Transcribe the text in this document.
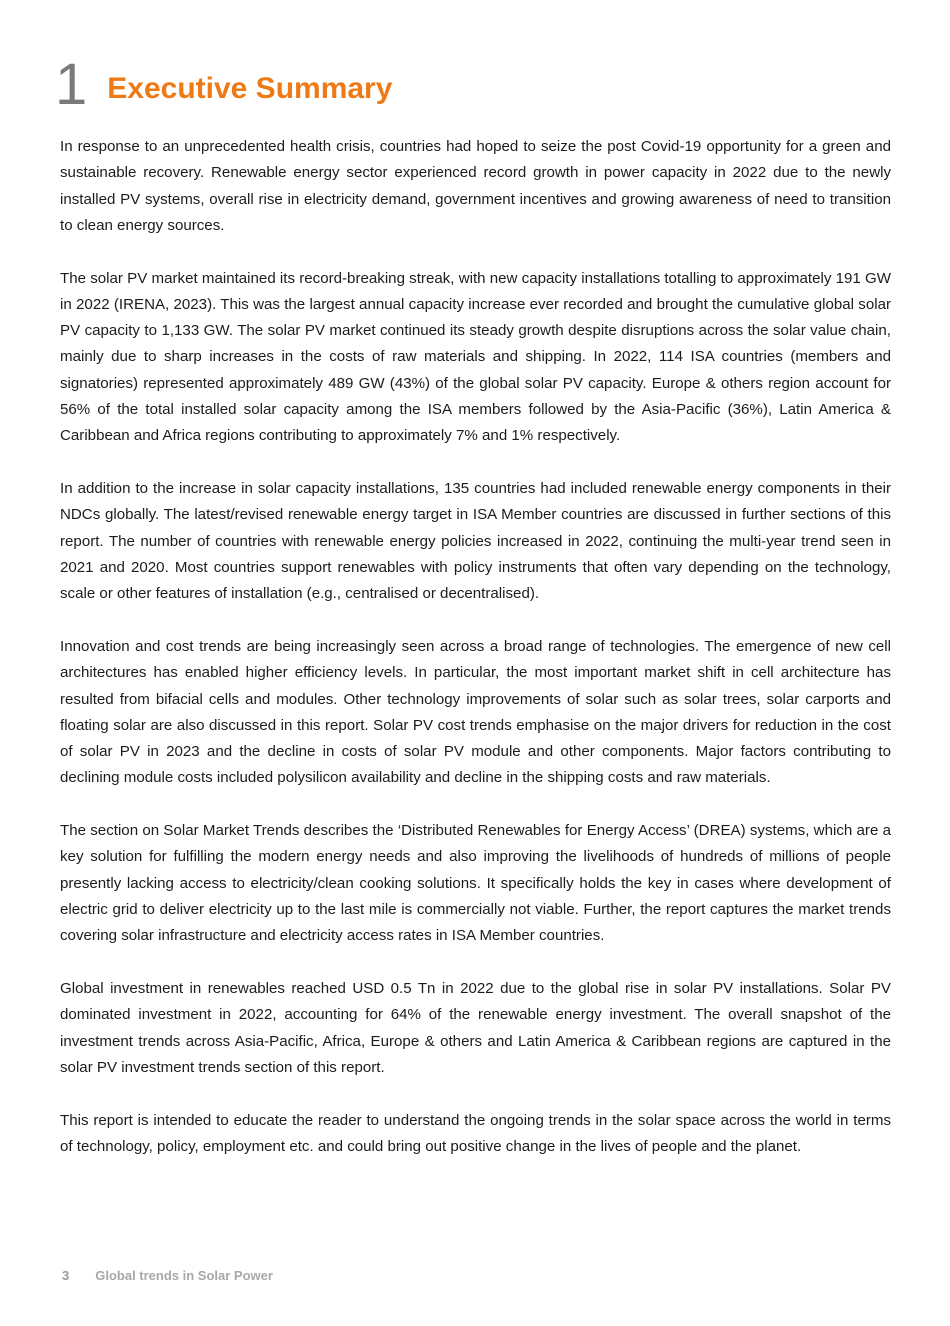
1 Executive Summary

In response to an unprecedented health crisis, countries had hoped to seize the post Covid-19 opportunity for a green and sustainable recovery. Renewable energy sector experienced record growth in power capacity in 2022 due to the newly installed PV systems, overall rise in electricity demand, government incentives and growing awareness of need to transition to clean energy sources.

The solar PV market maintained its record-breaking streak, with new capacity installations totalling to approximately 191 GW in 2022 (IRENA, 2023). This was the largest annual capacity increase ever recorded and brought the cumulative global solar PV capacity to 1,133 GW. The solar PV market continued its steady growth despite disruptions across the solar value chain, mainly due to sharp increases in the costs of raw materials and shipping. In 2022, 114 ISA countries (members and signatories) represented approximately 489 GW (43%) of the global solar PV capacity. Europe & others region account for 56% of the total installed solar capacity among the ISA members followed by the Asia-Pacific (36%), Latin America & Caribbean and Africa regions contributing to approximately 7% and 1% respectively.

In addition to the increase in solar capacity installations, 135 countries had included renewable energy components in their NDCs globally. The latest/revised renewable energy target in ISA Member countries are discussed in further sections of this report. The number of countries with renewable energy policies increased in 2022, continuing the multi-year trend seen in 2021 and 2020. Most countries support renewables with policy instruments that often vary depending on the technology, scale or other features of installation (e.g., centralised or decentralised).

Innovation and cost trends are being increasingly seen across a broad range of technologies. The emergence of new cell architectures has enabled higher efficiency levels. In particular, the most important market shift in cell architecture has resulted from bifacial cells and modules. Other technology improvements of solar such as solar trees, solar carports and floating solar are also discussed in this report. Solar PV cost trends emphasise on the major drivers for reduction in the cost of solar PV in 2023 and the decline in costs of solar PV module and other components. Major factors contributing to declining module costs included polysilicon availability and decline in the shipping costs and raw materials.

The section on Solar Market Trends describes the ‘Distributed Renewables for Energy Access’ (DREA) systems, which are a key solution for fulfilling the modern energy needs and also improving the livelihoods of hundreds of millions of people presently lacking access to electricity/clean cooking solutions. It specifically holds the key in cases where development of electric grid to deliver electricity up to the last mile is commercially not viable. Further, the report captures the market trends covering solar infrastructure and electricity access rates in ISA Member countries.

Global investment in renewables reached USD 0.5 Tn in 2022 due to the global rise in solar PV installations. Solar PV dominated investment in 2022, accounting for 64% of the renewable energy investment. The overall snapshot of the investment trends across Asia-Pacific, Africa, Europe & others and Latin America & Caribbean regions are captured in the solar PV investment trends section of this report.

This report is intended to educate the reader to understand the ongoing trends in the solar space across the world in terms of technology, policy, employment etc. and could bring out positive change in the lives of people and the planet.

3 Global trends in Solar Power
